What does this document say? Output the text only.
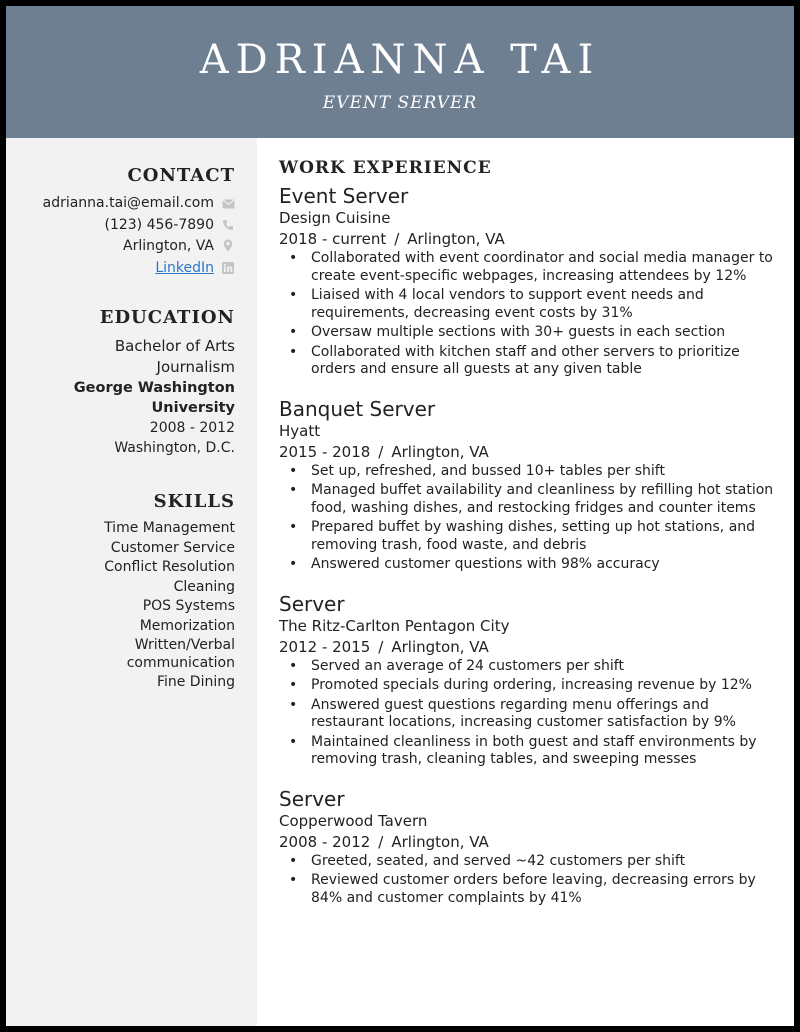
ADRIANNA TAI
EVENT SERVER
CONTACT
adrianna.tai@email.com
(123) 456-7890
Arlington, VA
LinkedIn
EDUCATION
Bachelor of Arts
Journalism
George Washington
University
2008 - 2012
Washington, D.C.
SKILLS
Time Management
Customer Service
Conflict Resolution
Cleaning
POS Systems
Memorization
Written/Verbal communication
Fine Dining
WORK EXPERIENCE
Event Server
Design Cuisine
2018 - current / Arlington, VA
• Collaborated with event coordinator and social media manager to create event-specific webpages, increasing attendees by 12%
• Liaised with 4 local vendors to support event needs and requirements, decreasing event costs by 31%
• Oversaw multiple sections with 30+ guests in each section
• Collaborated with kitchen staff and other servers to prioritize orders and ensure all guests at any given table
Banquet Server
Hyatt
2015 - 2018 / Arlington, VA
• Set up, refreshed, and bussed 10+ tables per shift
• Managed buffet availability and cleanliness by refilling hot station food, washing dishes, and restocking fridges and counter items
• Prepared buffet by washing dishes, setting up hot stations, and removing trash, food waste, and debris
• Answered customer questions with 98% accuracy
Server
The Ritz-Carlton Pentagon City
2012 - 2015 / Arlington, VA
• Served an average of 24 customers per shift
• Promoted specials during ordering, increasing revenue by 12%
• Answered guest questions regarding menu offerings and restaurant locations, increasing customer satisfaction by 9%
• Maintained cleanliness in both guest and staff environments by removing trash, cleaning tables, and sweeping messes
Server
Copperwood Tavern
2008 - 2012 / Arlington, VA
• Greeted, seated, and served ~42 customers per shift
• Reviewed customer orders before leaving, decreasing errors by 84% and customer complaints by 41%
